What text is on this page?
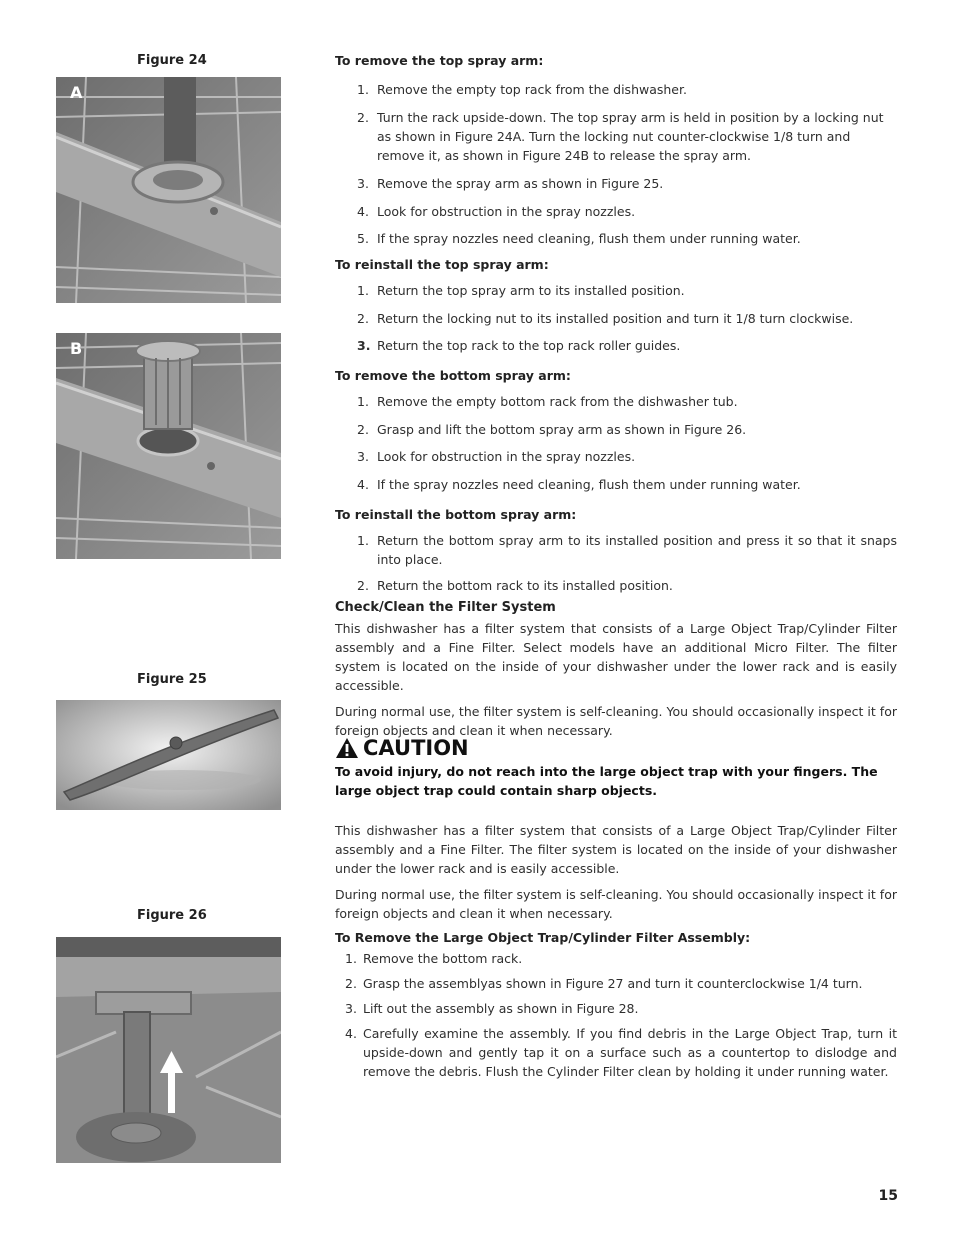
Figure 24
A
B
Figure 25
Figure 26

To remove the top spray arm:

1. Remove the empty top rack from the dishwasher.
2. Turn the rack upside-down. The top spray arm is held in position by a locking nut as shown in Figure 24A. Turn the locking nut counter-clockwise 1/8 turn and remove it, as shown in Figure 24B to release the spray arm.
3. Remove the spray arm as shown in Figure 25.
4. Look for obstruction in the spray nozzles.
5. If the spray nozzles need cleaning, flush them under running water.

To reinstall the top spray arm:

1. Return the top spray arm to its installed position.
2. Return the locking nut to its installed position and turn it 1/8 turn clockwise.
3. Return the top rack to the top rack roller guides.

To remove the bottom spray arm:

1. Remove the empty bottom rack from the dishwasher tub.
2. Grasp and lift the bottom spray arm as shown in Figure 26.
3. Look for obstruction in the spray nozzles.
4. If the spray nozzles need cleaning, flush them under running water.

To reinstall the bottom spray arm:

1. Return the bottom spray arm to its installed position and press it so that it snaps into place.
2. Return the bottom rack to its installed position.

Check/Clean the Filter System

This dishwasher has a filter system that consists of a Large Object Trap/Cylinder Filter assembly and a Fine Filter. Select models have an additional Micro Filter. The filter system is located on the inside of your dishwasher under the lower rack and is easily accessible.

During normal use, the filter system is self-cleaning. You should occasionally inspect it for foreign objects and clean it when necessary.

CAUTION

To avoid injury, do not reach into the large object trap with your fingers. The large object trap could contain sharp objects.

This dishwasher has a filter system that consists of a Large Object Trap/Cylinder Filter assembly and a Fine Filter. The filter system is located on the inside of your dishwasher under the lower rack and is easily accessible.

During normal use, the filter system is self-cleaning. You should occasionally inspect it for foreign objects and clean it when necessary.

To Remove the Large Object Trap/Cylinder Filter Assembly:

1. Remove the bottom rack.
2. Grasp the assemblyas shown in Figure 27 and turn it counterclockwise 1/4 turn.
3. Lift out the assembly as shown in Figure 28.
4. Carefully examine the assembly. If you find debris in the Large Object Trap, turn it upside-down and gently tap it on a surface such as a countertop to dislodge and remove the debris. Flush the Cylinder Filter clean by holding it under running water.
15
